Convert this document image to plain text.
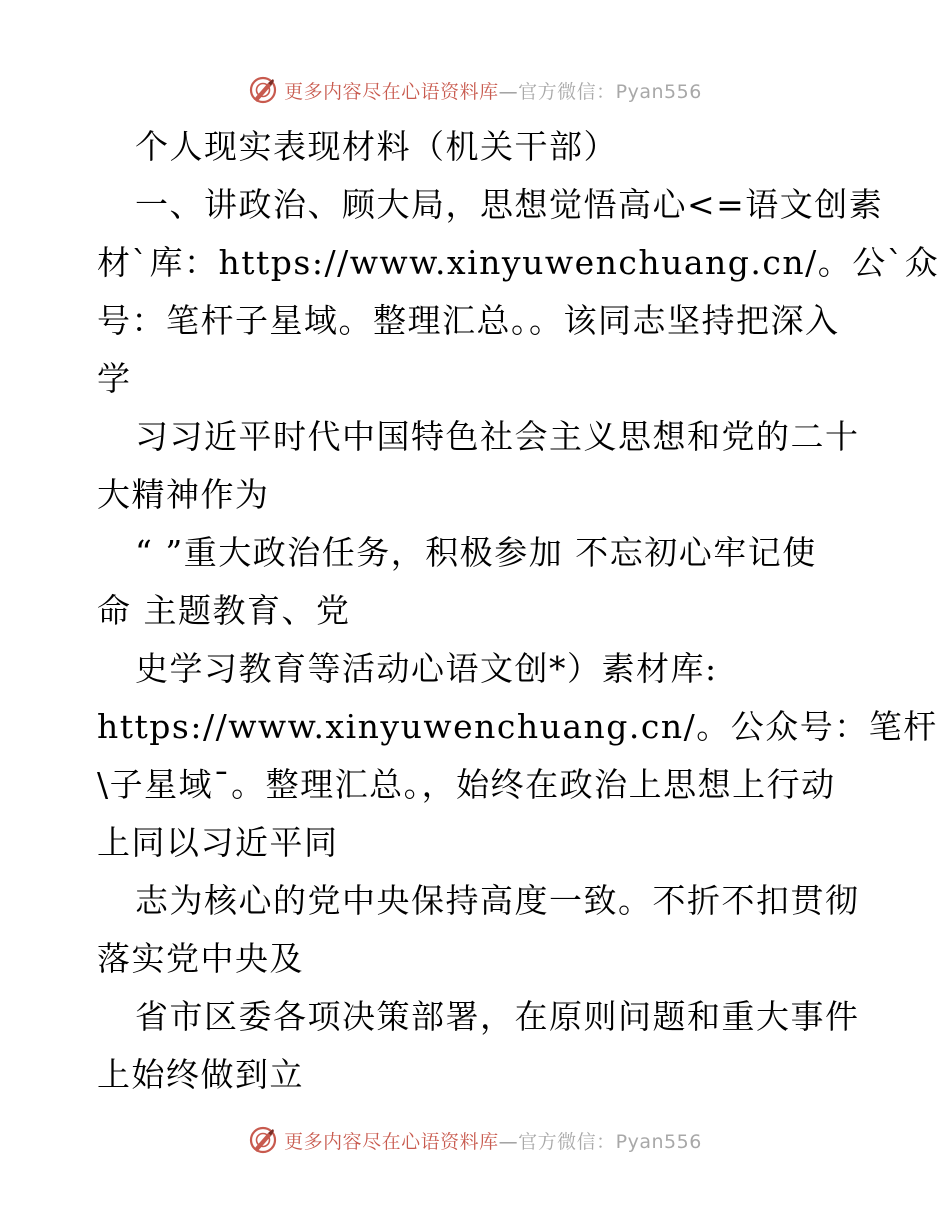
更多内容尽在心语资料库—官方微信：Pyan556
个人现实表现材料（机关干部）
一、讲政治、顾大局，思想觉悟高心<=语文创素
材`库：https://www.xinyuwenchuang.cn/。公`众
号：笔杆子星域。整理汇总。。该同志坚持把深入
学
习习近平时代中国特色社会主义思想和党的二十
大精神作为
“ ”重大政治任务，积极参加 不忘初心牢记使
命 主题教育、党
史学习教育等活动心语文创*）素材库:
https://www.xinyuwenchuang.cn/。公众号：笔杆
\子星域¯。整理汇总。，始终在政治上思想上行动
上同以习近平同
志为核心的党中央保持高度一致。不折不扣贯彻
落实党中央及
省市区委各项决策部署，在原则问题和重大事件
上始终做到立
更多内容尽在心语资料库—官方微信：Pyan556
